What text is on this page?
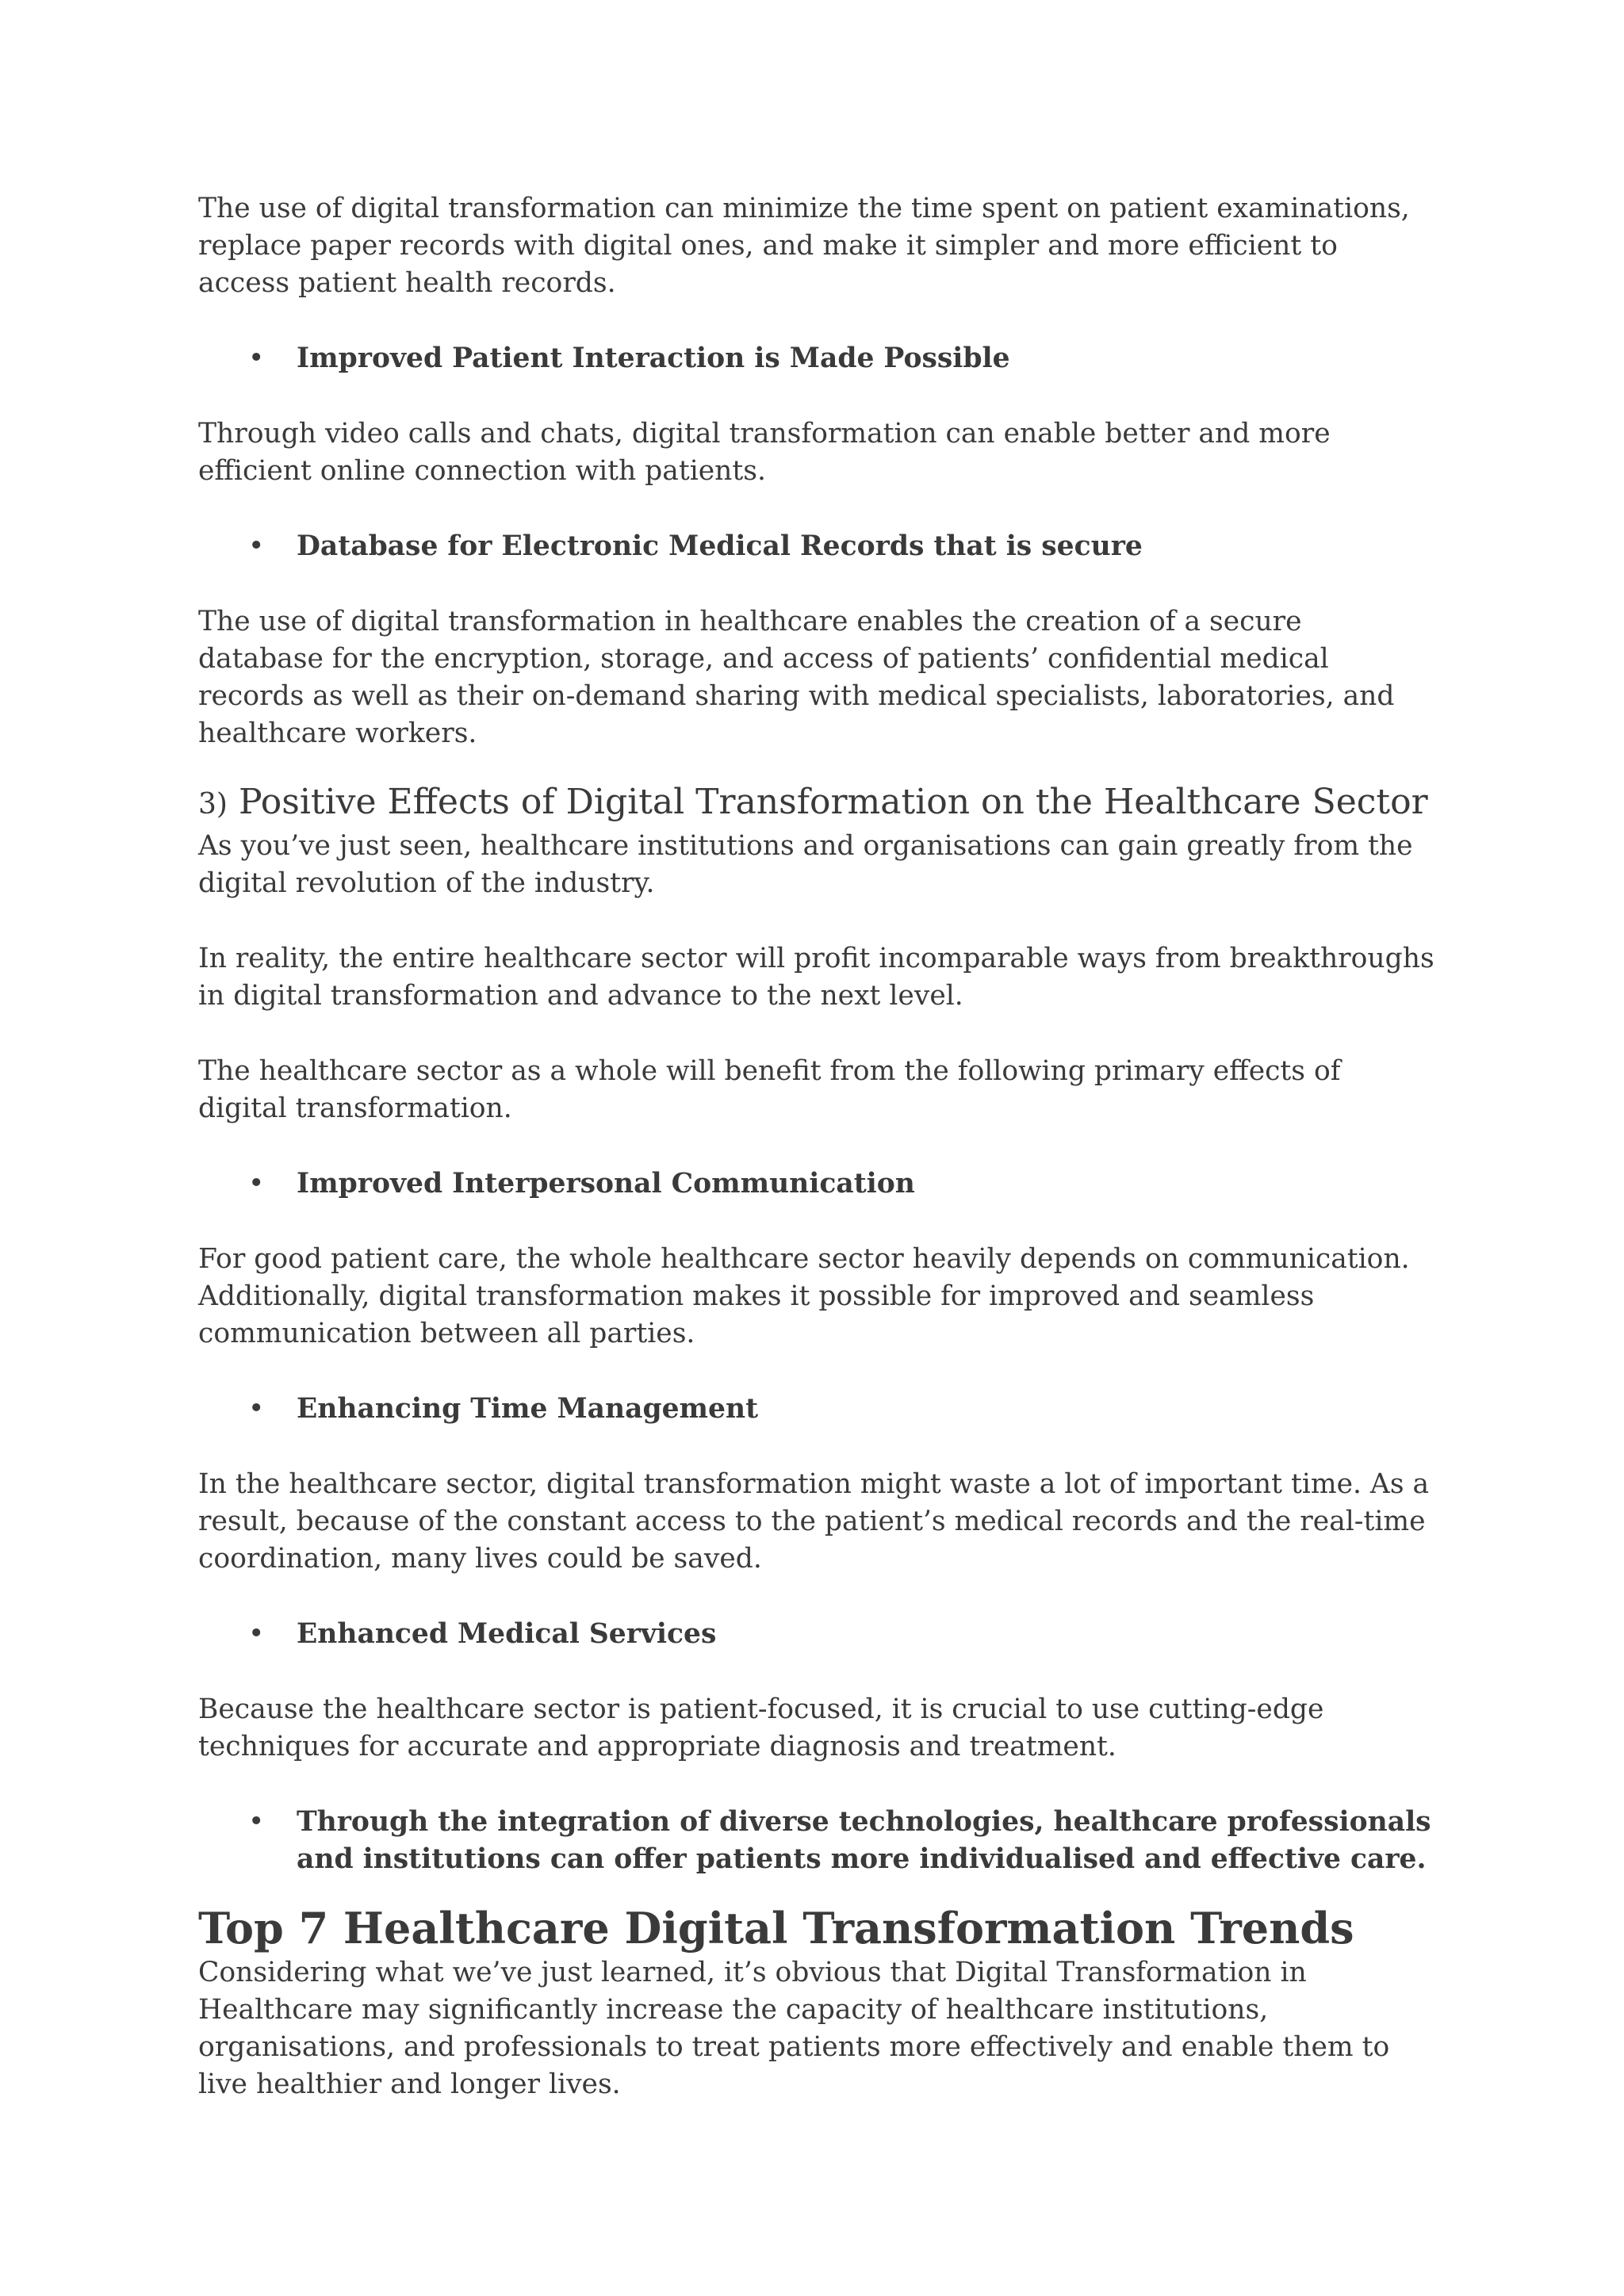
The use of digital transformation can minimize the time spent on patient examinations, replace paper records with digital ones, and make it simpler and more efficient to access patient health records.

• Improved Patient Interaction is Made Possible

Through video calls and chats, digital transformation can enable better and more efficient online connection with patients.

• Database for Electronic Medical Records that is secure

The use of digital transformation in healthcare enables the creation of a secure database for the encryption, storage, and access of patients’ confidential medical records as well as their on-demand sharing with medical specialists, laboratories, and healthcare workers.

3) Positive Effects of Digital Transformation on the Healthcare Sector

As you’ve just seen, healthcare institutions and organisations can gain greatly from the digital revolution of the industry.

In reality, the entire healthcare sector will profit incomparable ways from breakthroughs in digital transformation and advance to the next level.

The healthcare sector as a whole will benefit from the following primary effects of digital transformation.

• Improved Interpersonal Communication

For good patient care, the whole healthcare sector heavily depends on communication. Additionally, digital transformation makes it possible for improved and seamless communication between all parties.

• Enhancing Time Management

In the healthcare sector, digital transformation might waste a lot of important time. As a result, because of the constant access to the patient’s medical records and the real-time coordination, many lives could be saved.

• Enhanced Medical Services

Because the healthcare sector is patient-focused, it is crucial to use cutting-edge techniques for accurate and appropriate diagnosis and treatment.

• Through the integration of diverse technologies, healthcare professionals and institutions can offer patients more individualised and effective care.
Top 7 Healthcare Digital Transformation Trends

Considering what we’ve just learned, it’s obvious that Digital Transformation in Healthcare may significantly increase the capacity of healthcare institutions, organisations, and professionals to treat patients more effectively and enable them to live healthier and longer lives.
